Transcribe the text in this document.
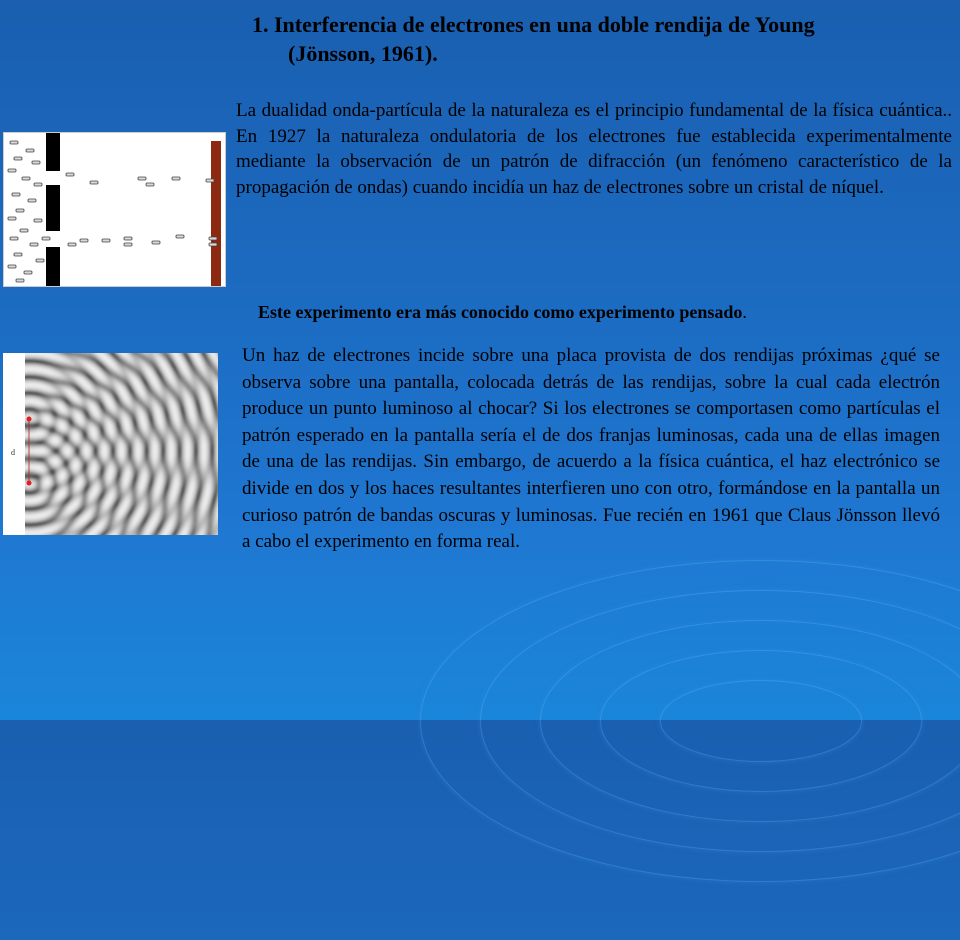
1. Interferencia de electrones en una doble rendija de Young
(Jönsson, 1961).

La dualidad onda-partícula de la naturaleza es el principio fundamental de la física cuántica.. En 1927 la naturaleza ondulatoria de los electrones fue establecida experimentalmente mediante la observación de un patrón de difracción (un fenómeno característico de la propagación de ondas) cuando incidía un haz de electrones sobre un cristal de níquel.

Este experimento era más conocido como experimento pensado.

Un haz de electrones incide sobre una placa provista de dos rendijas próximas ¿qué se observa sobre una pantalla, colocada detrás de las rendijas, sobre la cual cada electrón produce un punto luminoso al chocar? Si los electrones se comportasen como partículas el patrón esperado en la pantalla sería el de dos franjas luminosas, cada una de ellas imagen de una de las rendijas. Sin embargo, de acuerdo a la física cuántica, el haz electrónico se divide en dos y los haces resultantes interfieren uno con otro, formándose en la pantalla un curioso patrón de bandas oscuras y luminosas. Fue recién en 1961 que Claus Jönsson llevó a cabo el experimento en forma real.

d
